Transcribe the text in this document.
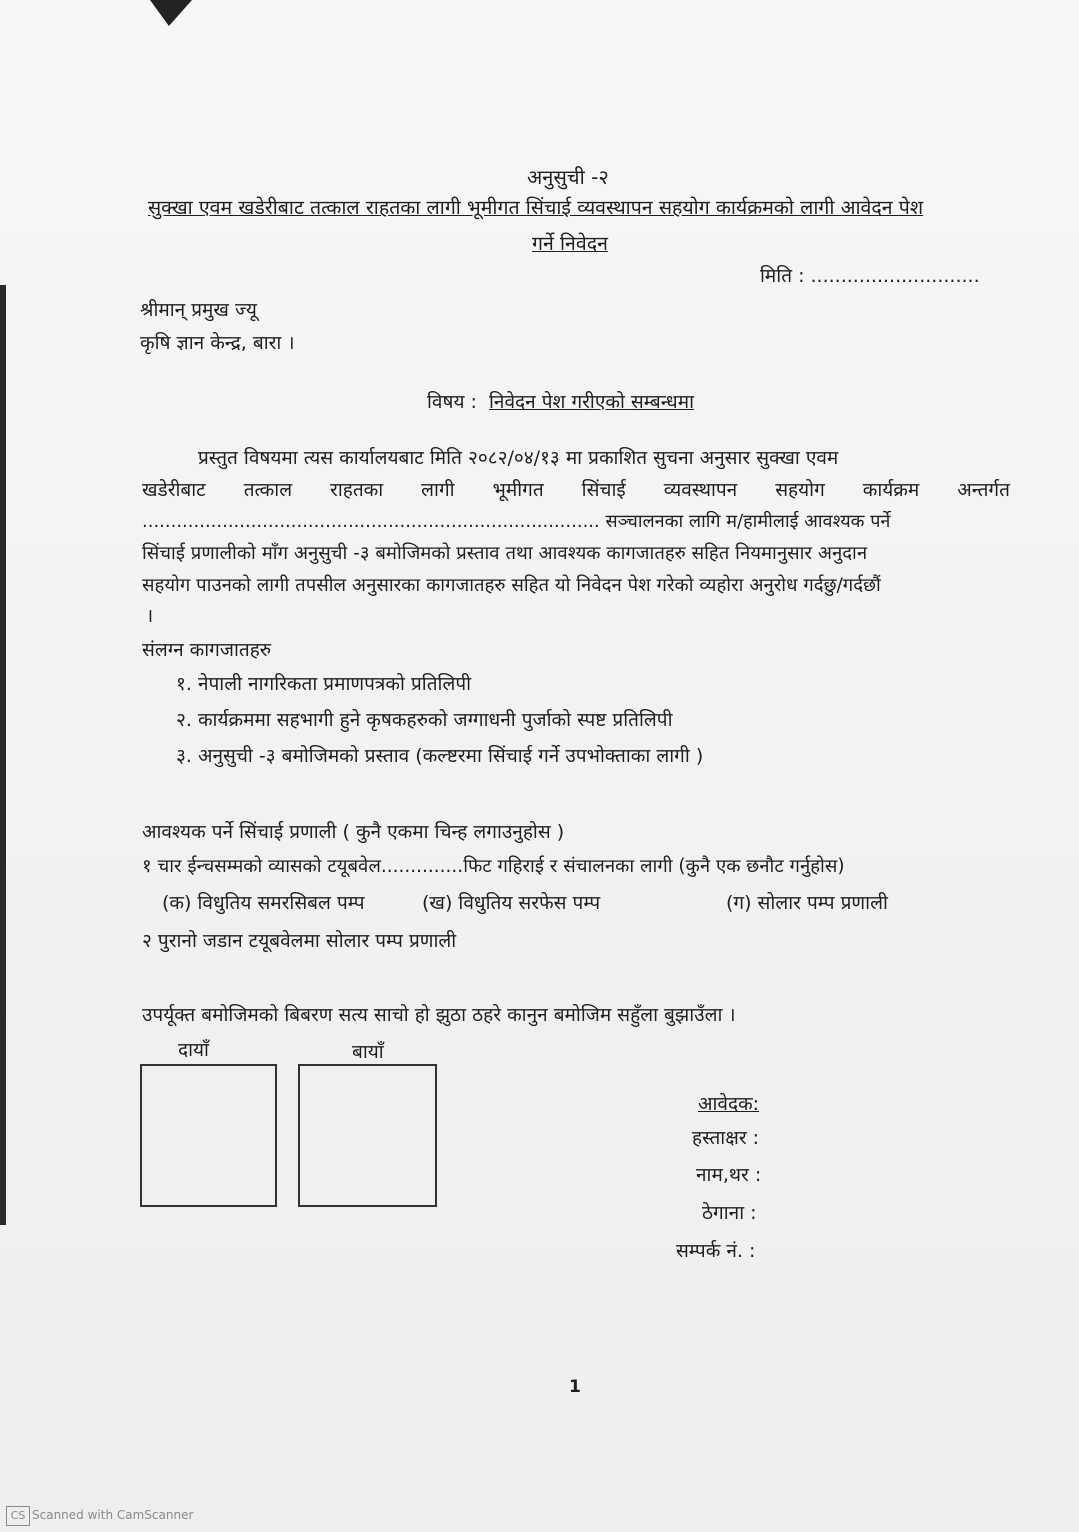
अनुसुची -२
सुक्खा एवम खडेरीबाट तत्काल राहतका लागी भूमीगत सिंचाई व्यवस्थापन सहयोग कार्यक्रमको लागी आवेदन पेश
गर्ने निवेदन
मिति : ............................
श्रीमान् प्रमुख ज्यू
कृषि ज्ञान केन्द्र, बारा ।
विषय : निवेदन पेश गरीएको सम्बन्धमा
प्रस्तुत विषयमा त्यस कार्यालयबाट मिति २०८२/०४/१३ मा प्रकाशित सुचना अनुसार सुक्खा एवम
खडेरीबाट तत्काल राहतका लागी भूमीगत सिंचाई व्यवस्थापन सहयोग कार्यक्रम अन्तर्गत
................................................................................ सञ्चालनका लागि म/हामीलाई आवश्यक पर्ने
सिंचाई प्रणालीको माँग अनुसुची -३ बमोजिमको प्रस्ताव तथा आवश्यक कागजातहरु सहित नियमानुसार अनुदान
सहयोग पाउनको लागी तपसील अनुसारका कागजातहरु सहित यो निवेदन पेश गरेको व्यहोरा अनुरोध गर्दछु/गर्दछौं
।
संलग्न कागजातहरु
१. नेपाली नागरिकता प्रमाणपत्रको प्रतिलिपी
२. कार्यक्रममा सहभागी हुने कृषकहरुको जग्गाधनी पुर्जाको स्पष्ट प्रतिलिपी
३. अनुसुची -३ बमोजिमको प्रस्ताव (कल्ष्टरमा सिंचाई गर्ने उपभोक्ताका लागी )
आवश्यक पर्ने सिंचाई प्रणाली ( कुनै एकमा चिन्ह लगाउनुहोस )
१ चार ईन्चसम्मको व्यासको टयूबवेल..............फिट गहिराई र संचालनका लागी (कुनै एक छनौट गर्नुहोस)
(क) विधुतिय समरसिबल पम्प	(ख) विधुतिय सरफेस पम्प	(ग) सोलार पम्प प्रणाली
२ पुरानो जडान टयूबवेलमा सोलार पम्प प्रणाली
उपर्यूक्त बमोजिमको बिबरण सत्य साचो हो झुठा ठहरे कानुन बमोजिम सहुँला बुझाउँला ।
दायाँ	बायाँ
आवेदक:
हस्ताक्षर :
नाम,थर :
ठेगाना :
सम्पर्क नं. :
1
CS Scanned with CamScanner
